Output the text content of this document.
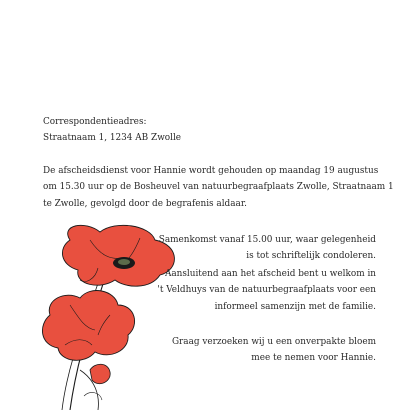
Correspondentieadres:
Straatnaam 1, 1234 AB Zwolle
De afscheidsdienst voor Hannie wordt gehouden op maandag 19 augustus
om 15.30 uur op de Bosheuvel van natuurbegraafplaats Zwolle, Straatnaam 1
te Zwolle, gevolgd door de begrafenis aldaar.
Samenkomst vanaf 15.00 uur, waar gelegenheid
is tot schriftelijk condoleren.
Aansluitend aan het afscheid bent u welkom in
't Veldhuys van de natuurbegraafplaats voor een
informeel samenzijn met de familie.
Graag verzoeken wij u een onverpakte bloem
mee te nemen voor Hannie.
